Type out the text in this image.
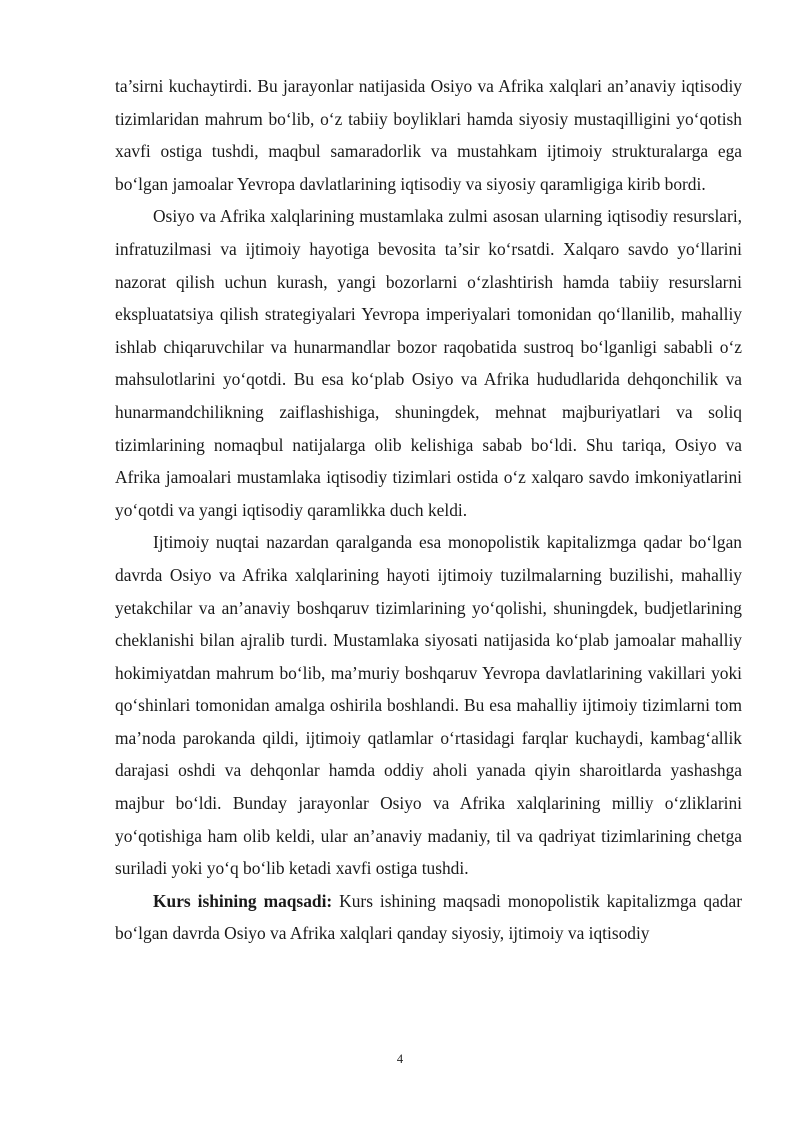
ta’sirni kuchaytirdi. Bu jarayonlar natijasida Osiyo va Afrika xalqlari an’anaviy iqtisodiy tizimlaridan mahrum bo‘lib, o‘z tabiiy boyliklari hamda siyosiy mustaqilligini yo‘qotish xavfi ostiga tushdi, maqbul samaradorlik va mustahkam ijtimoiy strukturalarga ega bo‘lgan jamoalar Yevropa davlatlarining iqtisodiy va siyosiy qaramligiga kirib bordi.

Osiyo va Afrika xalqlarining mustamlaka zulmi asosan ularning iqtisodiy resurslari, infratuzilmasi va ijtimoiy hayotiga bevosita ta’sir ko‘rsatdi. Xalqaro savdo yo‘llarini nazorat qilish uchun kurash, yangi bozorlarni o‘zlashtirish hamda tabiiy resurslarni ekspluatatsiya qilish strategiyalari Yevropa imperiyalari tomonidan qo‘llanilib, mahalliy ishlab chiqaruvchilar va hunarmandlar bozor raqobatida sustroq bo‘lganligi sababli o‘z mahsulotlarini yo‘qotdi. Bu esa ko‘plab Osiyo va Afrika hududlarida dehqonchilik va hunarmandchilikning zaiflashishiga, shuningdek, mehnat majburiyatlari va soliq tizimlarining nomaqbul natijalarga olib kelishiga sabab bo‘ldi. Shu tariqa, Osiyo va Afrika jamoalari mustamlaka iqtisodiy tizimlari ostida o‘z xalqaro savdo imkoniyatlarini yo‘qotdi va yangi iqtisodiy qaramlikka duch keldi.

Ijtimoiy nuqtai nazardan qaralganda esa monopolistik kapitalizmga qadar bo‘lgan davrda Osiyo va Afrika xalqlarining hayoti ijtimoiy tuzilmalarning buzilishi, mahalliy yetakchilar va an’anaviy boshqaruv tizimlarining yo‘qolishi, shuningdek, budjetlarining cheklanishi bilan ajralib turdi. Mustamlaka siyosati natijasida ko‘plab jamoalar mahalliy hokimiyatdan mahrum bo‘lib, ma’muriy boshqaruv Yevropa davlatlarining vakillari yoki qo‘shinlari tomonidan amalga oshirila boshlandi. Bu esa mahalliy ijtimoiy tizimlarni tom ma’noda parokanda qildi, ijtimoiy qatlamlar o‘rtasidagi farqlar kuchaydi, kambag‘allik darajasi oshdi va dehqonlar hamda oddiy aholi yanada qiyin sharoitlarda yashashga majbur bo‘ldi. Bunday jarayonlar Osiyo va Afrika xalqlarining milliy o‘zliklarini yo‘qotishiga ham olib keldi, ular an’anaviy madaniy, til va qadriyat tizimlarining chetga suriladi yoki yo‘q bo‘lib ketadi xavfi ostiga tushdi.

Kurs ishining maqsadi: Kurs ishining maqsadi monopolistik kapitalizmga qadar bo‘lgan davrda Osiyo va Afrika xalqlari qanday siyosiy, ijtimoiy va iqtisodiy

4
